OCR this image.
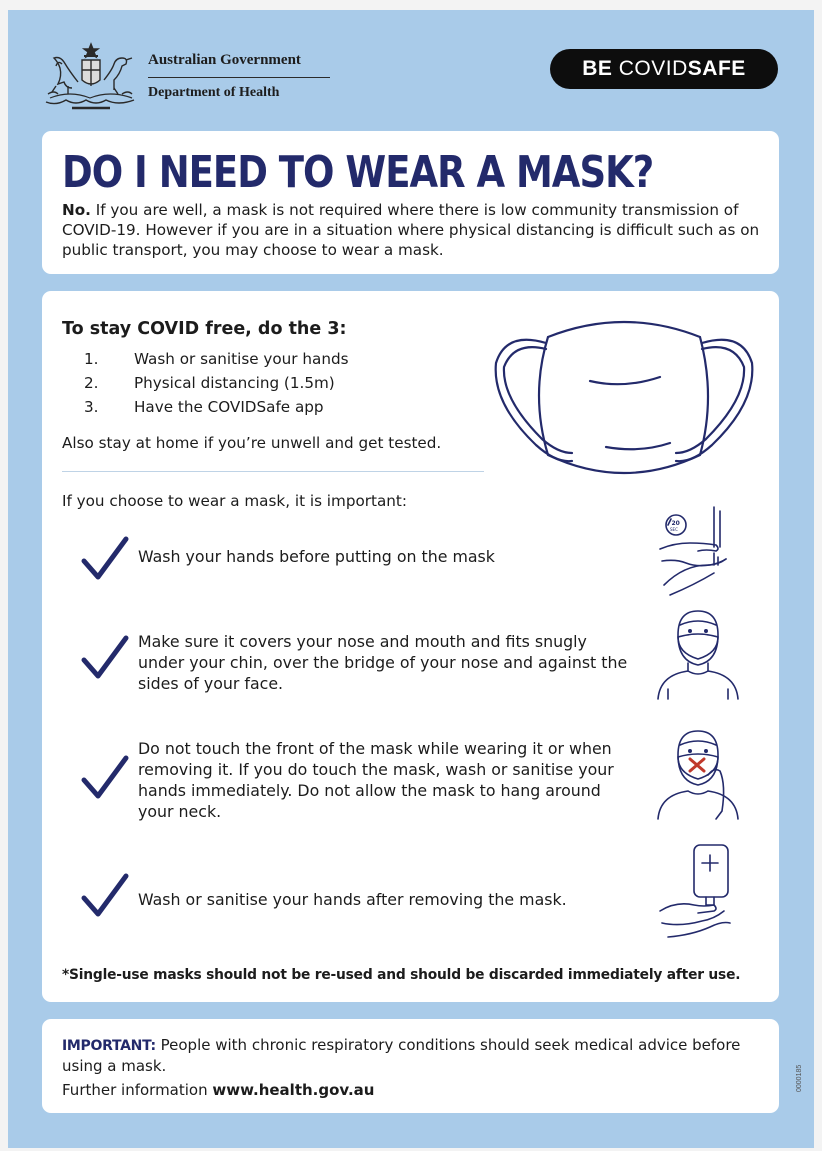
Australian Government
Department of Health
BE COVIDSAFE
DO I NEED TO WEAR A MASK?
No. If you are well, a mask is not required where there is low community transmission of COVID-19. However if you are in a situation where physical distancing is difficult such as on public transport, you may choose to wear a mask.
To stay COVID free, do the 3:
1.	Wash or sanitise your hands
2.	Physical distancing (1.5m)
3.	Have the COVIDSafe app
Also stay at home if you’re unwell and get tested.
If you choose to wear a mask, it is important:
Wash your hands before putting on the mask
20
SEC
Make sure it covers your nose and mouth and fits snugly under your chin, over the bridge of your nose and against the sides of your face.
Do not touch the front of the mask while wearing it or when removing it. If you do touch the mask, wash or sanitise your hands immediately. Do not allow the mask to hang around your neck.
Wash or sanitise your hands after removing the mask.
*Single-use masks should not be re-used and should be discarded immediately after use.
IMPORTANT: People with chronic respiratory conditions should seek medical advice before using a mask.
Further information www.health.gov.au	0000185
